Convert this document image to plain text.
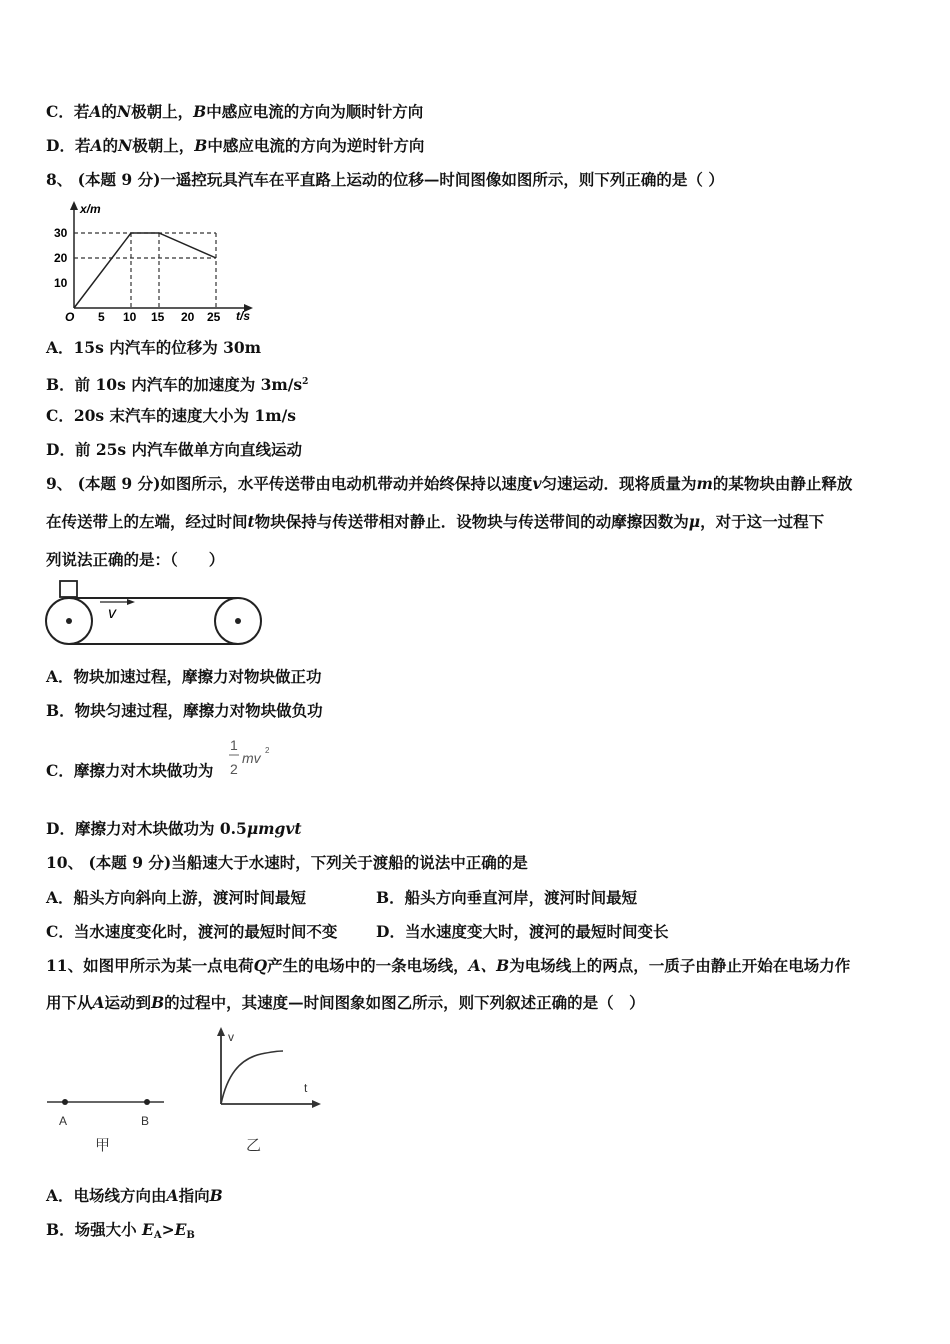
C．若A的N极朝上，B中感应电流的方向为顺时针方向
D．若A的N极朝上，B中感应电流的方向为逆时针方向
8、 (本题 9 分)一遥控玩具汽车在平直路上运动的位移—时间图像如图所示，则下列正确的是（ ）
x/m
t/s
O
10
20
30
5 10 15 20 25
A．15s 内汽车的位移为 30m
B．前 10s 内汽车的加速度为 $3m/s^2$
C．20s 末汽车的速度大小为 1m/s
D．前 25s 内汽车做单方向直线运动
9、 (本题 9 分)如图所示，水平传送带由电动机带动并始终保持以速度v匀速运动．现将质量为m的某物块由静止释放
在传送带上的左端，经过时间t物块保持与传送带相对静止．设物块与传送带间的动摩擦因数为μ，对于这一过程下
列说法正确的是：（　　）
v
A．物块加速过程，摩擦力对物块做正功
B．物块匀速过程，摩擦力对物块做负功
C．摩擦力对木块做功为
1
2
mv 2
D．摩擦力对木块做功为 0.5μmgvt
10、 (本题 9 分)当船速大于水速时，下列关于渡船的说法中正确的是
A．船头方向斜向上游，渡河时间最短	B．船头方向垂直河岸，渡河时间最短
C．当水速度变化时，渡河的最短时间不变 D．当水速度变大时，渡河的最短时间变长
11、如图甲所示为某一点电荷Q产生的电场中的一条电场线，A、B为电场线上的两点，一质子由静止开始在电场力作
用下从A运动到B的过程中，其速度—时间图象如图乙所示，则下列叙述正确的是（　）
A	B
甲
v
t
乙
A．电场线方向由A指向B
B．场强大小 $E_A>E_B$
